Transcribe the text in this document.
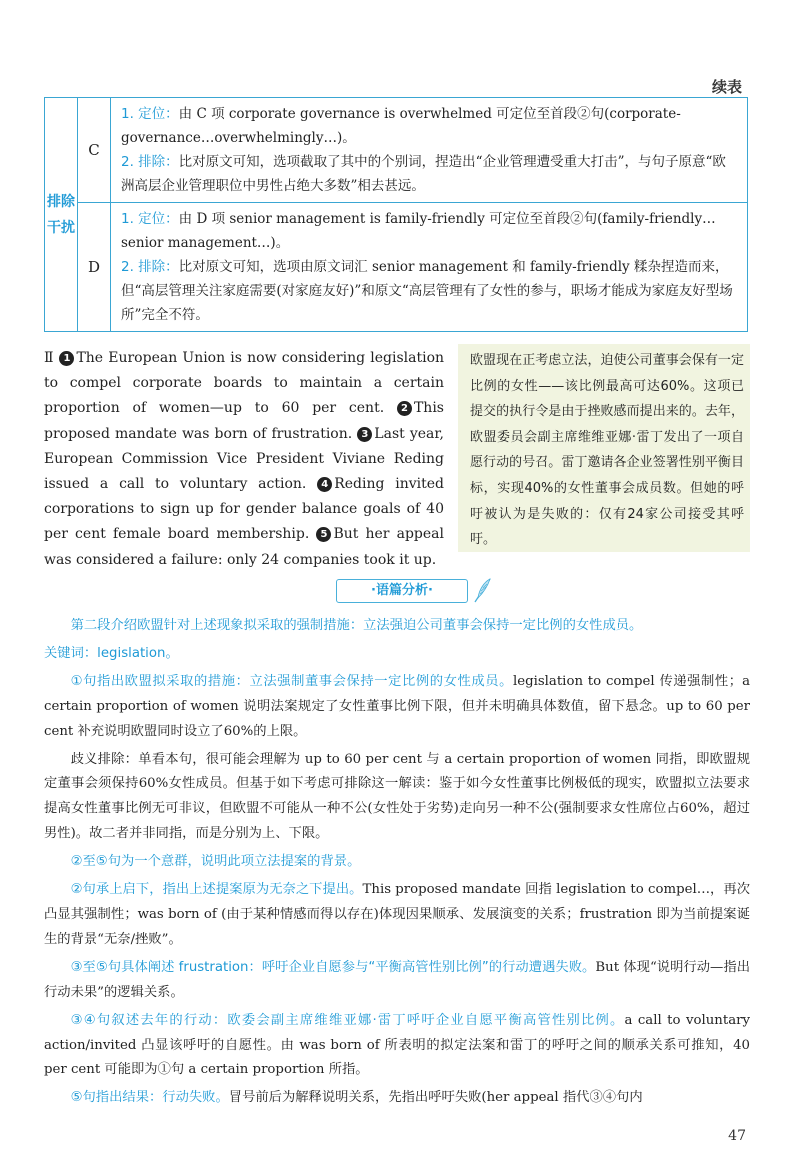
续表
排除干扰	C	1. 定位：由 C 项 corporate governance is overwhelmed 可定位至首段②句(corporate-governance…overwhelmingly…)。
2. 排除：比对原文可知，选项截取了其中的个别词，捏造出“企业管理遭受重大打击”，与句子原意“欧洲高层企业管理职位中男性占绝大多数”相去甚远。

	D	1. 定位：由 D 项 senior management is family-friendly 可定位至首段②句(family-friendly…senior management…)。
2. 排除：比对原文可知，选项由原文词汇 senior management 和 family-friendly 糅杂捏造而来，但“高层管理关注家庭需要(对家庭友好)”和原文“高层管理有了女性的参与，职场才能成为家庭友好型场所”完全不符。
Ⅱ 1 The European Union is now considering legislation to compel corporate boards to maintain a certain proportion of women—up to 60 per cent. 2 This proposed mandate was born of frustration. 3 Last year, European Commission Vice President Viviane Reding issued a call to voluntary action. 4 Reding invited corporations to sign up for gender balance goals of 40 per cent female board membership. 5 But her appeal was considered a failure: only 24 companies took it up.
欧盟现在正考虑立法，迫使公司董事会保有一定比例的女性——该比例最高可达60%。这项已提交的执行令是由于挫败感而提出来的。去年，欧盟委员会副主席维维亚娜·雷丁发出了一项自愿行动的号召。雷丁邀请各企业签署性别平衡目标，实现40%的女性董事会成员数。但她的呼吁被认为是失败的：仅有24家公司接受其呼吁。
·语篇分析·

第二段介绍欧盟针对上述现象拟采取的强制措施：立法强迫公司董事会保持一定比例的女性成员。

关键词：legislation。

①句指出欧盟拟采取的措施：立法强制董事会保持一定比例的女性成员。legislation to compel 传递强制性；a certain proportion of women 说明法案规定了女性董事比例下限，但并未明确具体数值，留下悬念。up to 60 per cent 补充说明欧盟同时设立了60%的上限。

歧义排除：单看本句，很可能会理解为 up to 60 per cent 与 a certain proportion of women 同指，即欧盟规定董事会须保持60%女性成员。但基于如下考虑可排除这一解读：鉴于如今女性董事比例极低的现实，欧盟拟立法要求提高女性董事比例无可非议，但欧盟不可能从一种不公(女性处于劣势)走向另一种不公(强制要求女性席位占60%，超过男性)。故二者并非同指，而是分别为上、下限。

②至⑤句为一个意群，说明此项立法提案的背景。

②句承上启下，指出上述提案原为无奈之下提出。This proposed mandate 回指 legislation to compel…，再次凸显其强制性；was born of (由于某种情感而得以存在)体现因果顺承、发展演变的关系；frustration 即为当前提案诞生的背景“无奈/挫败”。

③至⑤句具体阐述 frustration：呼吁企业自愿参与“平衡高管性别比例”的行动遭遇失败。But 体现“说明行动—指出行动未果”的逻辑关系。

③④句叙述去年的行动：欧委会副主席维维亚娜·雷丁呼吁企业自愿平衡高管性别比例。a call to voluntary action/invited 凸显该呼吁的自愿性。由 was born of 所表明的拟定法案和雷丁的呼吁之间的顺承关系可推知，40 per cent 可能即为①句 a certain proportion 所指。

⑤句指出结果：行动失败。冒号前后为解释说明关系，先指出呼吁失败(her appeal 指代③④句内

47
